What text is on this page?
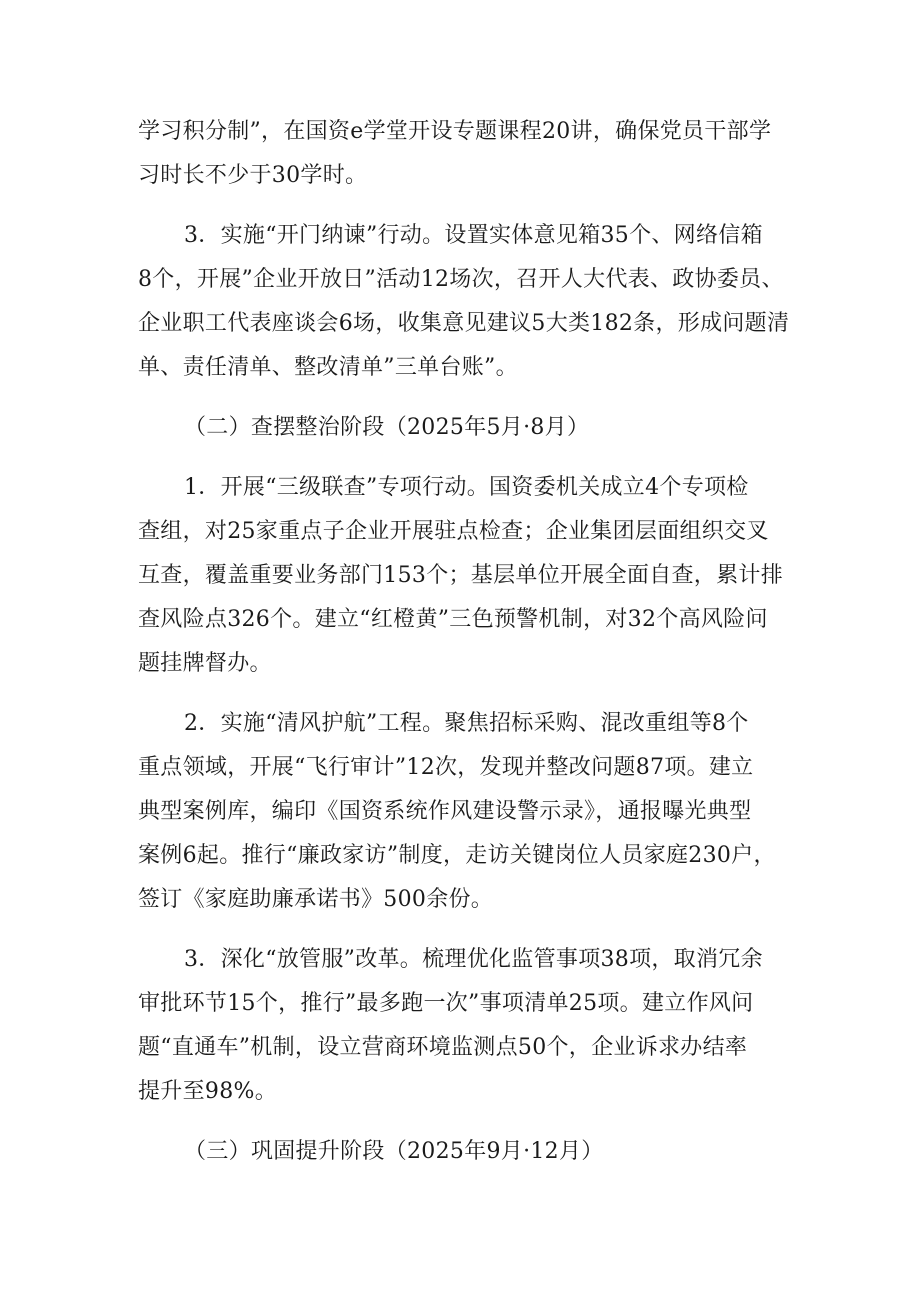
学习积分制”，在国资e学堂开设专题课程20讲，确保党员干部学
习时长不少于30学时。
3．实施“开门纳谏”行动。设置实体意见箱35个、网络信箱
8个，开展”企业开放日”活动12场次，召开人大代表、政协委员、
企业职工代表座谈会6场，收集意见建议5大类182条，形成问题清
单、责任清单、整改清单”三单台账”。
（二）查摆整治阶段（2025年5月·8月）
1．开展“三级联查”专项行动。国资委机关成立4个专项检
查组，对25家重点子企业开展驻点检查；企业集团层面组织交叉
互查，覆盖重要业务部门153个；基层单位开展全面自查，累计排
查风险点326个。建立“红橙黄”三色预警机制，对32个高风险问
题挂牌督办。
2．实施“清风护航”工程。聚焦招标采购、混改重组等8个
重点领域，开展“飞行审计”12次，发现并整改问题87项。建立
典型案例库，编印《国资系统作风建设警示录》，通报曝光典型
案例6起。推行“廉政家访”制度，走访关键岗位人员家庭230户，
签订《家庭助廉承诺书》500余份。
3．深化“放管服”改革。梳理优化监管事项38项，取消冗余
审批环节15个，推行”最多跑一次”事项清单25项。建立作风问
题“直通车”机制，设立营商环境监测点50个，企业诉求办结率
提升至98%。
（三）巩固提升阶段（2025年9月·12月）
